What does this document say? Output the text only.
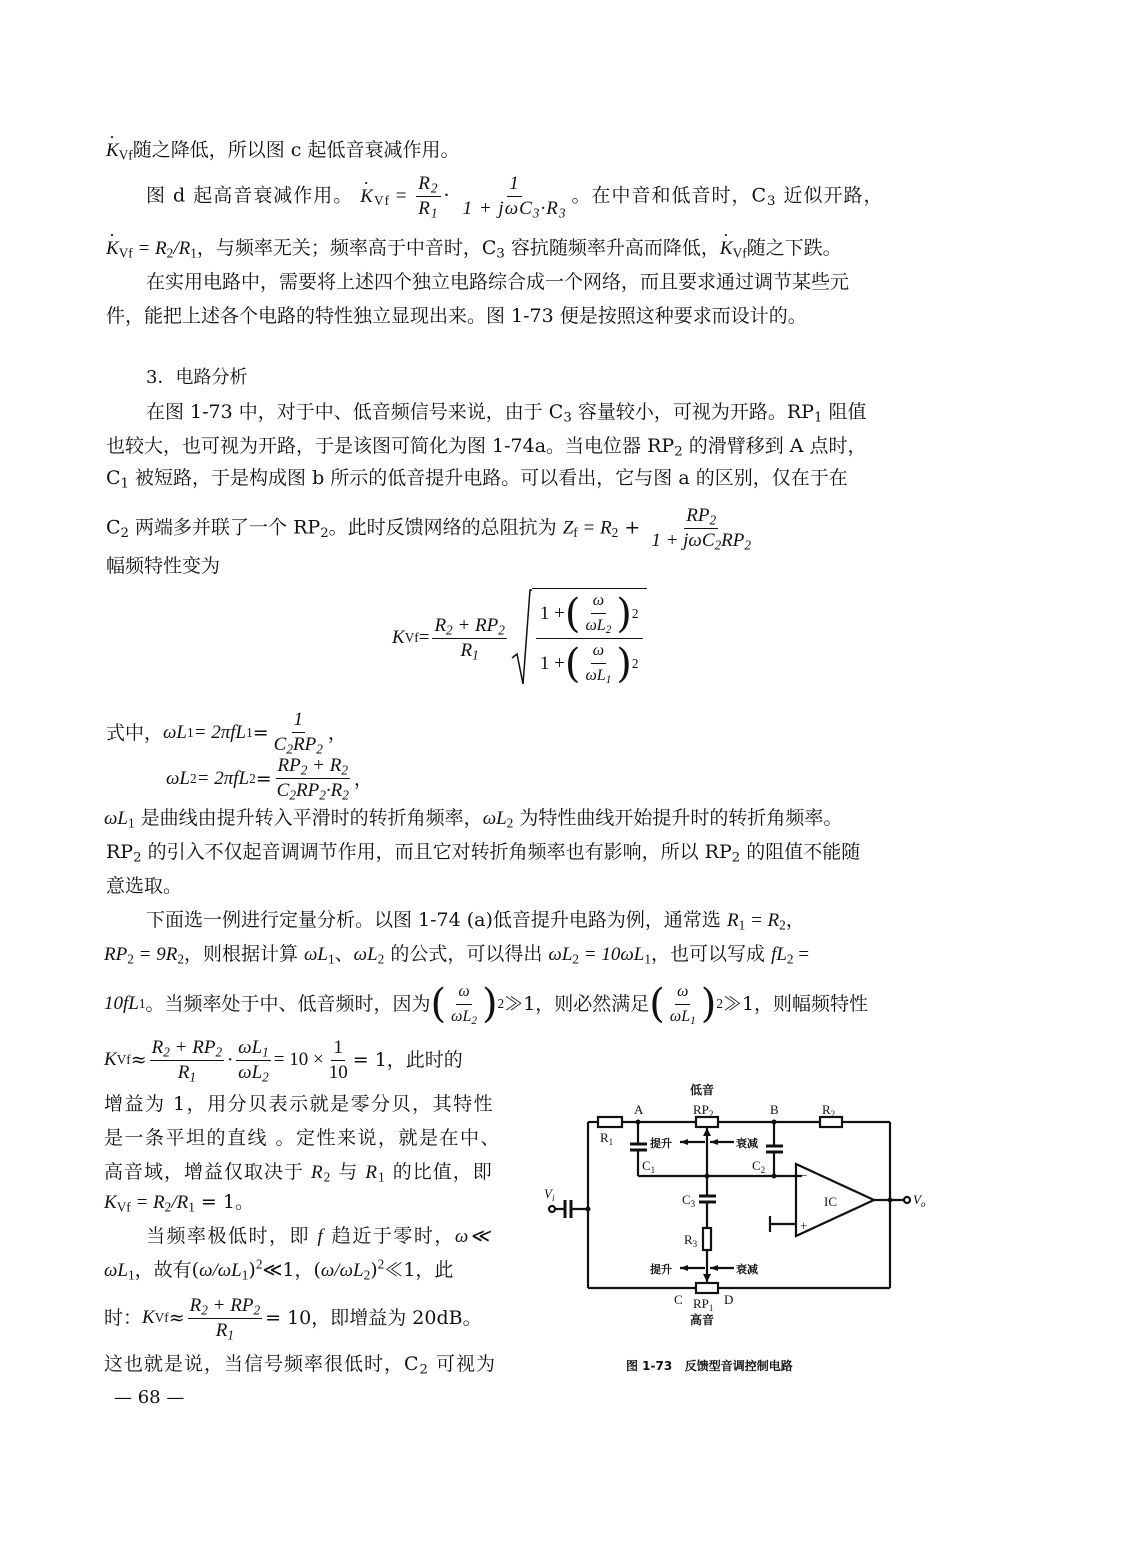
· $K_{Vf}$随之降低，所以图 c 起低音衰减作用。
图 d 起高音衰减作用。 · $K_{Vf} = \frac{R_2}{R_1} \cdot \frac{1}{1 + j\omega C_3\cdot R_3}$ 。在中音和低音时，$C_3$ 近似开路，
· $K_{Vf} = R_2/R_1$，与频率无关；频率高于中音时，$C_3$ 容抗随频率升高而降低，· $K_{Vf}$随之下跌。
在实用电路中，需要将上述四个独立电路综合成一个网络，而且要求通过调节某些元
件，能把上述各个电路的特性独立显现出来。图 1-73 便是按照这种要求而设计的。
3．电路分析
在图 1-73 中，对于中、低音频信号来说，由于 $C_3$ 容量较小，可视为开路。$RP_1$ 阻值
也较大，也可视为开路，于是该图可简化为图 1-74a。当电位器 $RP_2$ 的滑臂移到 A 点时，
$C_1$ 被短路，于是构成图 b 所示的低音提升电路。可以看出，它与图 a 的区别，仅在于在
$C_2$ 两端多并联了一个 $RP_2$。此时反馈网络的总阻抗为 $Z_f = R_2 + \frac{RP_2}{1 + j\omega C_2RP_2}$
幅频特性变为
K $Vf = \frac{R_2 + RP_2}{R_1}$
1 + ( $\frac{\omega}{\omega L_2}$ ) 2
1 + ( $\frac{\omega}{\omega L_1}$ ) 2
式中， ωL 1 = 2πfL $1 = \frac{1}{C_2RP_2}$ ，
ωL 2 = 2πfL $2 = \frac{RP_2 + R_2}{C_2RP_2\cdot R_2}$ ，
$\omega L_1$ 是曲线由提升转入平滑时的转折角频率，$\omega L_2$ 为特性曲线开始提升时的转折角频率。
$RP_2$ 的引入不仅起音调调节作用，而且它对转折角频率也有影响，所以 $RP_2$ 的阻值不能随
意选取。
下面选一例进行定量分析。以图 1-74 (a)低音提升电路为例，通常选 $R_1 = R_2$，
$RP_2 = 9R_2$，则根据计算 $\omega L_1$、$\omega L_2$ 的公式，可以得出 $\omega L_2 = 10\omega L_1$，也可以写成 $fL_2$ =
10fL 1 。当频率处于中、低音频时，因为 ( $\frac{\omega}{\omega L_2}$ ) 2 ≫1，则必然满足 ( $\frac{\omega}{\omega L_1}$ ) 2 ≫1，则幅频特性
K $Vf \approx \frac{R_2 + RP_2}{R_1} \cdot \frac{\omega L_1}{\omega L_2} = 10 \times \frac{1}{10} = 1$，此时的
增益为 1，用分贝表示就是零分贝，其特性
是一条平坦的直线 。定性来说，就是在中、
高音域，增益仅取决于 $R_2$ 与 $R_1$ 的比值，即
$K_{Vf} = R_2/R_1 = 1$。
当频率极低时，即 f 趋近于零时，ω≪
$\omega L_1$，故有$(\omega/\omega L_1)^2≪1$，$(\omega/\omega L_2)^2≪1$，此
时： K $Vf \approx \frac{R_2 + RP_2}{R_1} = 10$，即增益为 20dB。
这也就是说，当信号频率很低时，$C_2$ 可视为
— 68 —
低音
A	B
$RP_2$	$R_2$
$R_1$
$C_1$	$C_2$
$C_3$
$R_3$
IC
−
+
$V_i$	$V_o$
提升	衰减
提升	衰减
C	D
$RP_1$
高音
图 1-73   反馈型音调控制电路
